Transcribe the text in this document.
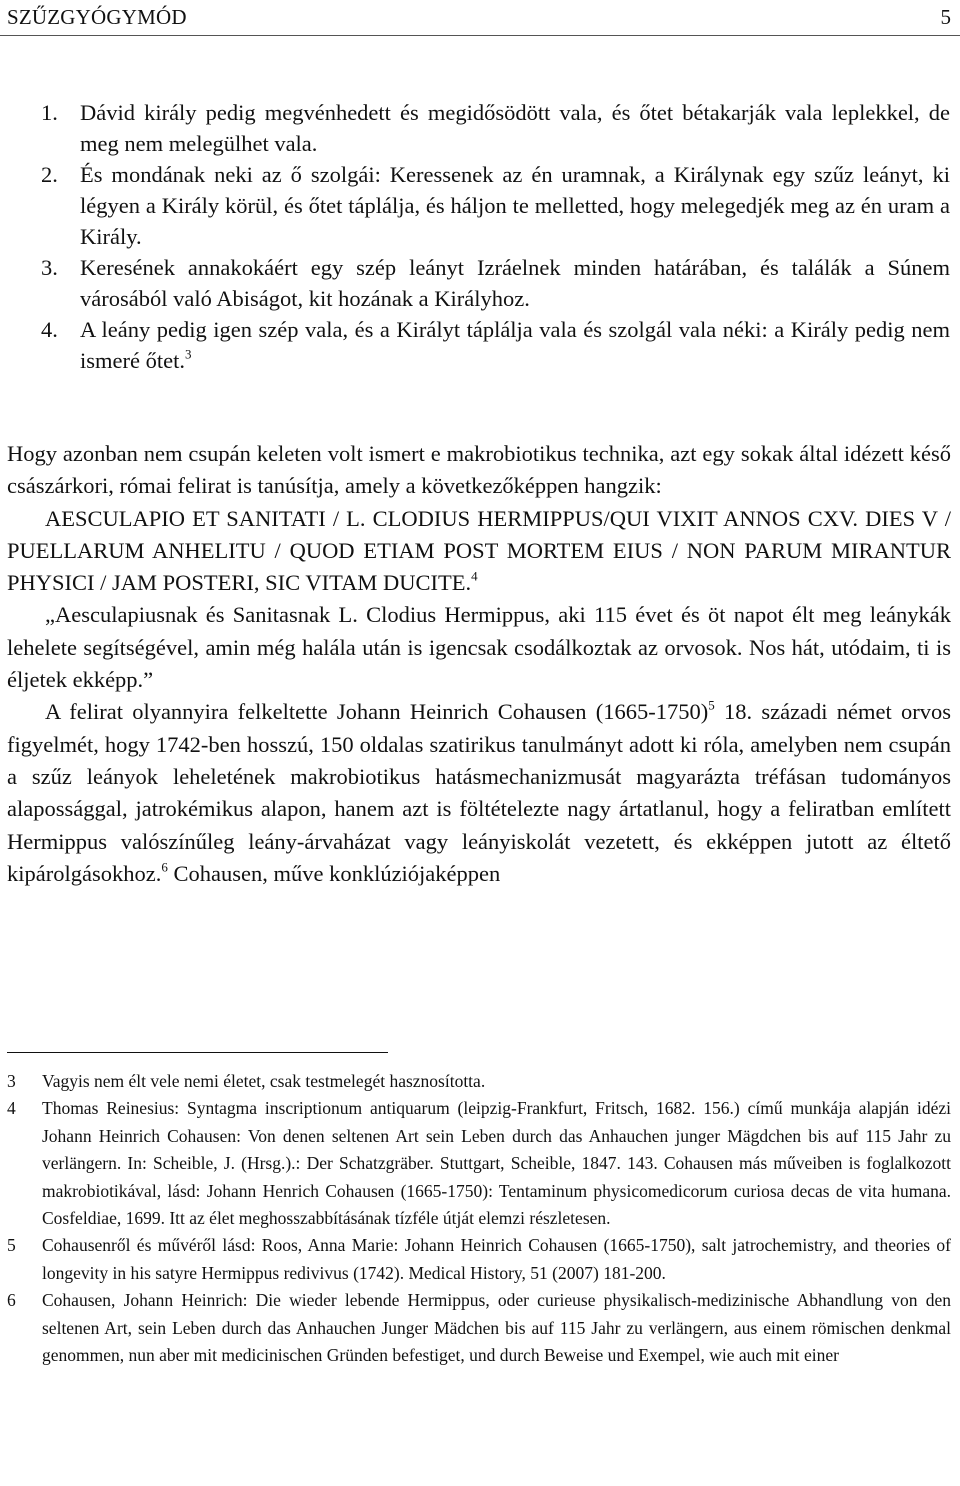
SZŰZGYÓGYMÓD	5
1. Dávid király pedig megvénhedett és megidősödött vala, és őtet bétakarják vala leplekkel, de meg nem melegülhet vala.
2. És mondának neki az ő szolgái: Keressenek az én uramnak, a Királynak egy szűz leányt, ki légyen a Király körül, és őtet táplálja, és háljon te melletted, hogy melegedjék meg az én uram a Király.
3. Keresének annakokáért egy szép leányt Izráelnek minden határában, és találák a Súnem városából való Abiságot, kit hozának a Királyhoz.
4. A leány pedig igen szép vala, és a Királyt táplálja vala és szolgál vala néki: a Király pedig nem ismeré őtet.$^3$

Hogy azonban nem csupán keleten volt ismert e makrobiotikus technika, azt egy sokak által idézett késő császárkori, római felirat is tanúsítja, amely a következőképpen hangzik:

AESCULAPIO ET SANITATI / L. CLODIUS HERMIPPUS/QUI VIXIT ANNOS CXV. DIES V / PUELLARUM ANHELITU / QUOD ETIAM POST MORTEM EIUS / NON PARUM MIRANTUR PHYSICI / JAM POSTERI, SIC VITAM DUCITE.$^4$

„Aesculapiusnak és Sanitasnak L. Clodius Hermippus, aki 115 évet és öt napot élt meg leánykák lehelete segítségével, amin még halála után is igencsak csodálkoztak az orvosok. Nos hát, utódaim, ti is éljetek ekképp.”

A felirat olyannyira felkeltette Johann Heinrich Cohausen (1665-1750)$^5$ 18. századi német orvos figyelmét, hogy 1742-ben hosszú, 150 oldalas szatirikus tanulmányt adott ki róla, amelyben nem csupán a szűz leányok leheletének makrobiotikus hatásmechanizmusát magyarázta tréfásan tudományos alapossággal, jatrokémikus alapon, hanem azt is föltételezte nagy ártatlanul, hogy a feliratban említett Hermippus valószínűleg leány-árvaházat vagy leányiskolát vezetett, és ekképpen jutott az éltető kipárolgásokhoz.$^6$ Cohausen, műve konklúziójaképpen

3 Vagyis nem élt vele nemi életet, csak testmelegét hasznosította.
4 Thomas Reinesius: Syntagma inscriptionum antiquarum (leipzig-Frankfurt, Fritsch, 1682. 156.) című munkája alapján idézi Johann Heinrich Cohausen: Von denen seltenen Art sein Leben durch das Anhauchen junger Mägdchen bis auf 115 Jahr zu verlängern. In: Scheible, J. (Hrsg.).: Der Schatzgräber. Stuttgart, Scheible, 1847. 143. Cohausen más műveiben is foglalkozott makrobiotikával, lásd: Johann Henrich Cohausen (1665-1750): Tentaminum physicomedicorum curiosa decas de vita humana. Cosfeldiae, 1699. Itt az élet meghosszabbításának tízféle útját elemzi részletesen.
5 Cohausenről és művéről lásd: Roos, Anna Marie: Johann Heinrich Cohausen (1665-1750), salt jatrochemistry, and theories of longevity in his satyre Hermippus redivivus (1742). Medical History, 51 (2007) 181-200.
6 Cohausen, Johann Heinrich: Die wieder lebende Hermippus, oder curieuse physikalisch-medizinische Abhandlung von den seltenen Art, sein Leben durch das Anhauchen Junger Mädchen bis auf 115 Jahr zu verlängern, aus einem römischen denkmal genommen, nun aber mit medicinischen Gründen befestiget, und durch Beweise und Exempel, wie auch mit einer
